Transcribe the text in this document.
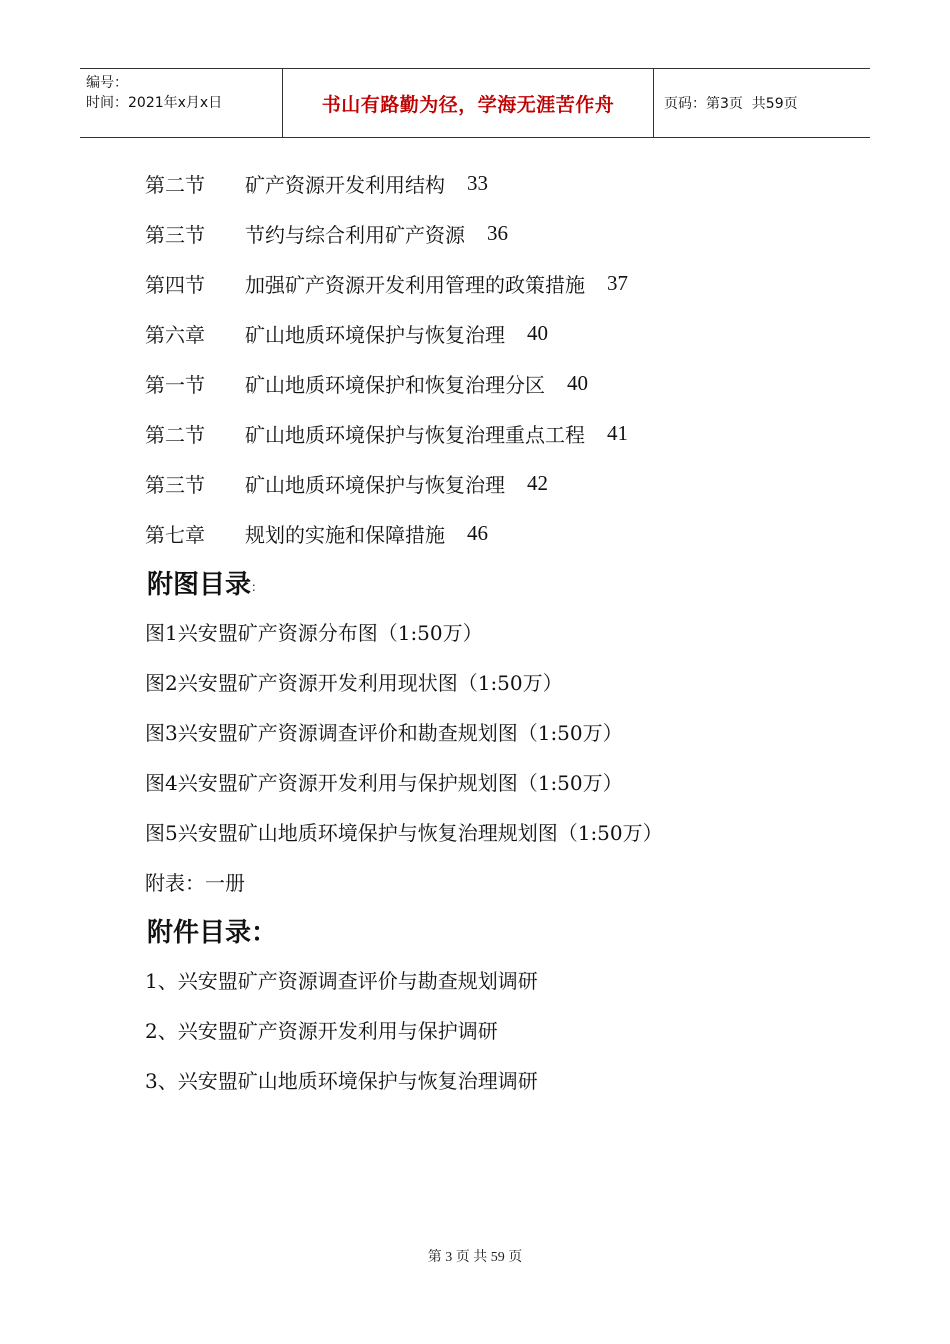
编号：
时间：2021年x月x日	书山有路勤为径，学海无涯苦作舟	页码：第3页  共59页
第二节	矿产资源开发利用结构 33
第三节	节约与综合利用矿产资源 36
第四节	加强矿产资源开发利用管理的政策措施 37
第六章	矿山地质环境保护与恢复治理 40
第一节	矿山地质环境保护和恢复治理分区 40
第二节	矿山地质环境保护与恢复治理重点工程 41
第三节	矿山地质环境保护与恢复治理 42
第七章	规划的实施和保障措施 46
附图目录 ：
图1兴安盟矿产资源分布图（1:50万）
图2兴安盟矿产资源开发利用现状图（1:50万）
图3兴安盟矿产资源调查评价和勘查规划图（1:50万）
图4兴安盟矿产资源开发利用与保护规划图（1:50万）
图5兴安盟矿山地质环境保护与恢复治理规划图（1:50万）
附表：一册
附件目录：
1、兴安盟矿产资源调查评价与勘查规划调研
2、兴安盟矿产资源开发利用与保护调研
3、兴安盟矿山地质环境保护与恢复治理调研
第 3 页 共 59 页
